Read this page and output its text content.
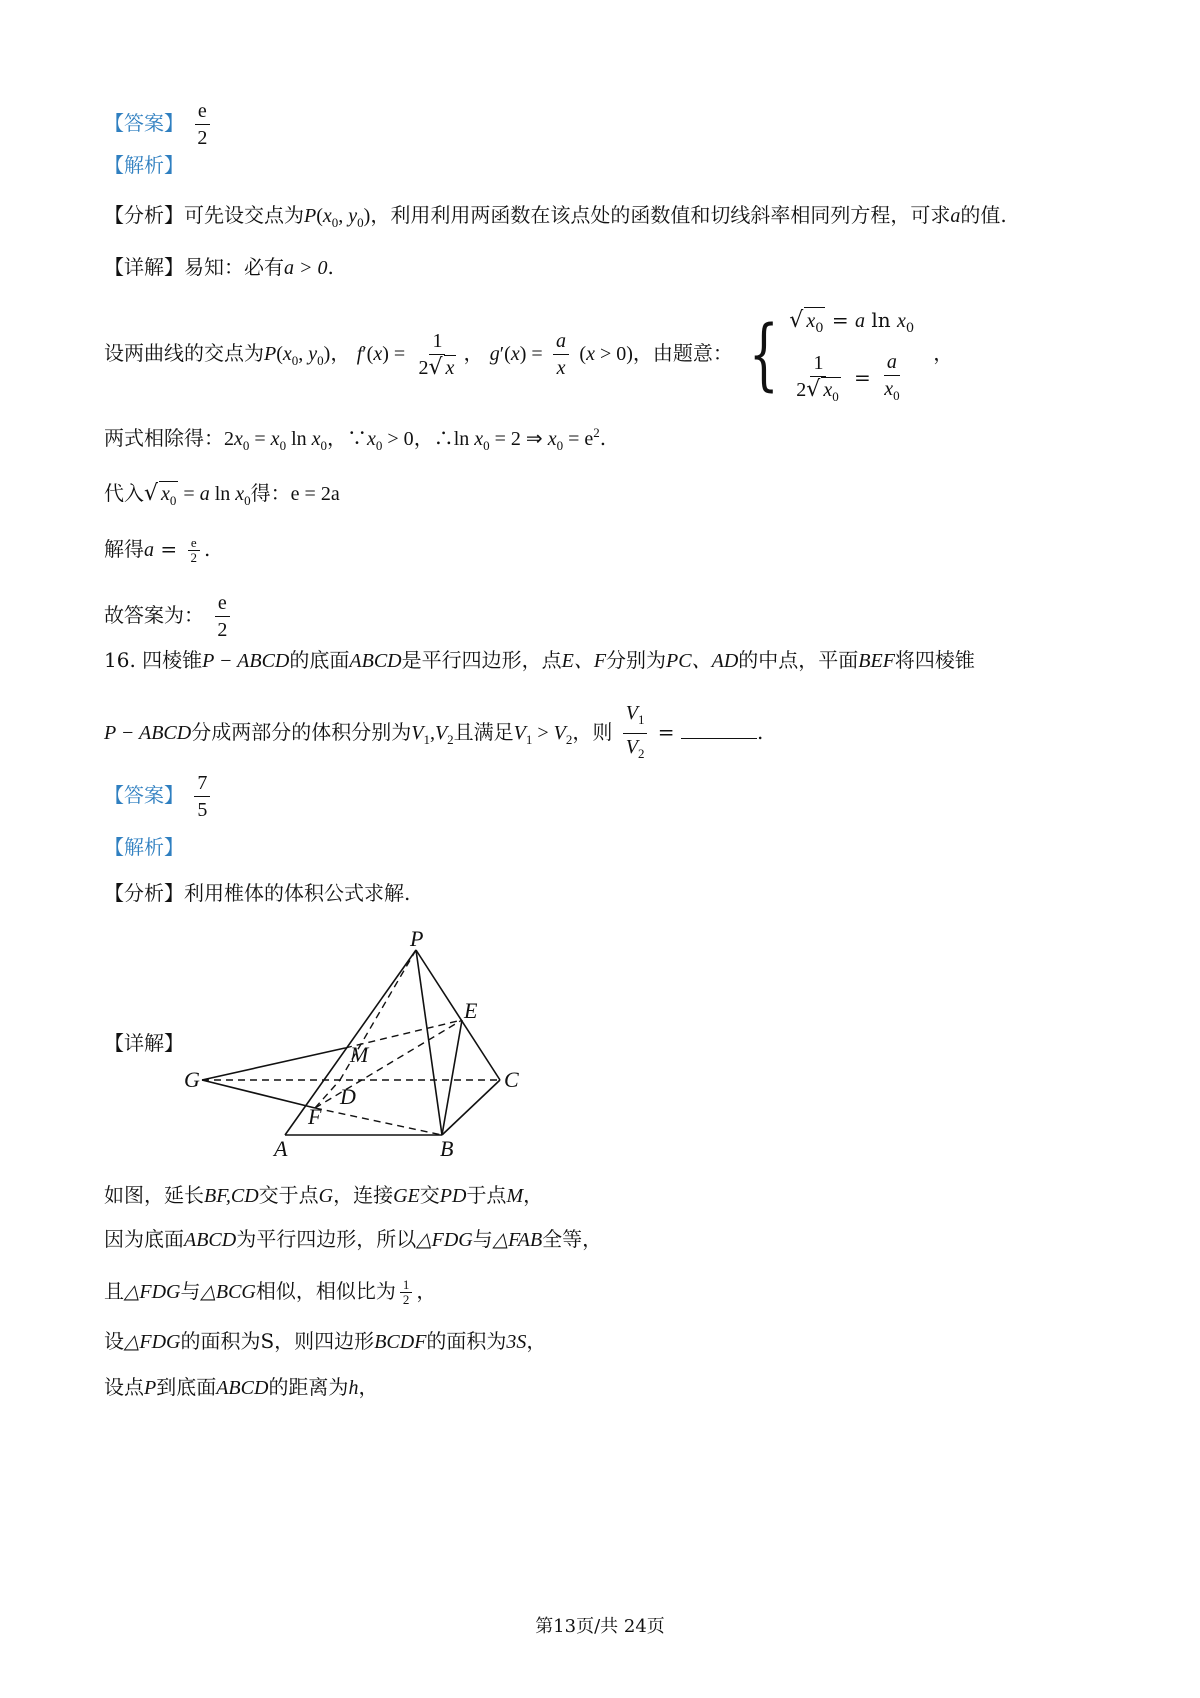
【答案】 $\frac{e}{2}$
【解析】
【分析】可先设交点为$P(x_0$, $y_0$)，利用利用两函数在该点处的函数值和切线斜率相同列方程，可求a的值.
【详解】易知：必有a > 0.
设两曲线的交点为$P(x_0$, $y_0$)， $f'(x) = \frac{1}{2√ x}$ ， $g'(x) = \frac{a}{x} (x > 0)$，由题意： { √ $x_0 = a$ $\ln x_0$
$\frac{1}{2√ x_0} = \frac{a}{x_0}$ ，
两式相除得：$2x_0 = x_0$ $\ln x_0$，$\because x_0 > 0$，∴ln $x_0 = 2$ ⇒ $x_0 = e^2$.
代入√ $x_0 = a$ $\ln x_0$得：e = 2a
解得$a = \frac{e}{2}$ .
故答案为： $\frac{e}{2}$
16. 四棱锥P − ABCD的底面ABCD是平行四边形，点E、F分别为PC、AD的中点，平面BEF将四棱锥
P − ABCD分成两部分的体积分别为$V_1,V_2$且满足$V_1 > V_2$，则 $\frac{V_1}{V_2}$ =	.
【答案】 $\frac{7}{5}$
【解析】
【分析】利用椎体的体积公式求解.
【详解】
P
E
M
G	C
D
F
A	B
如图，延长BF,CD交于点G，连接GE交PD于点M，
因为底面ABCD为平行四边形，所以△FDG与△FAB全等，
且△FDG与△BCG相似，相似比为 $\frac{1}{2}$ ，
设△FDG的面积为S，则四边形BCDF的面积为3S，
设点P到底面ABCD的距离为h，
第13页/共 24页
